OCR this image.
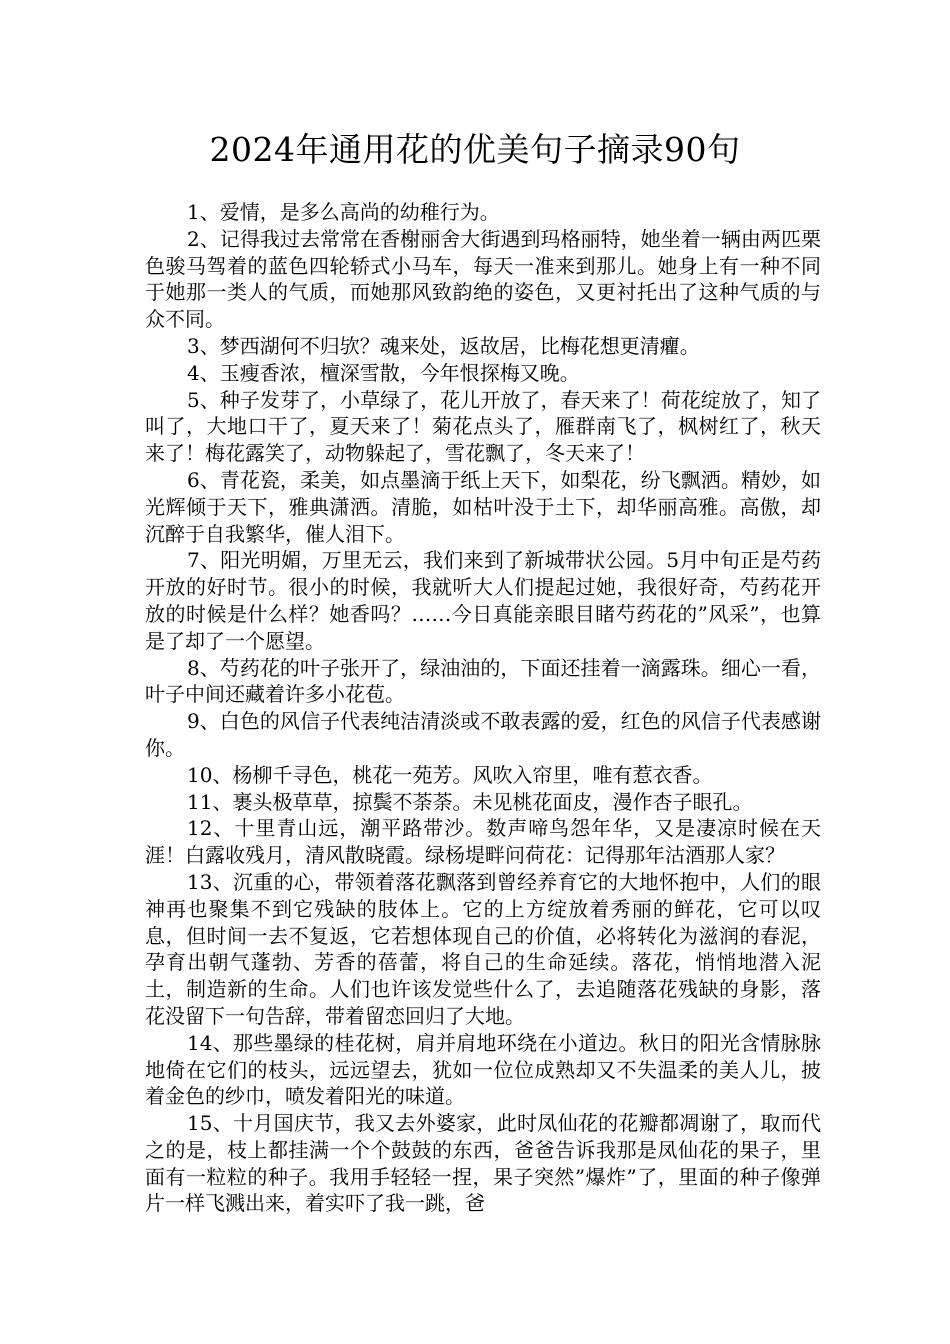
2024年通用花的优美句子摘录90句

1、爱情，是多么高尚的幼稚行为。

2、记得我过去常常在香榭丽舍大街遇到玛格丽特，她坐着一辆由两匹栗色骏马驾着的蓝色四轮轿式小马车，每天一准来到那儿。她身上有一种不同于她那一类人的气质，而她那风致韵绝的姿色，又更衬托出了这种气质的与众不同。

3、梦西湖何不归欤？魂来处，返故居，比梅花想更清癯。

4、玉瘦香浓，檀深雪散，今年恨探梅又晚。

5、种子发芽了，小草绿了，花儿开放了，春天来了！荷花绽放了，知了叫了，大地口干了，夏天来了！菊花点头了，雁群南飞了，枫树红了，秋天来了！梅花露笑了，动物躲起了，雪花飘了，冬天来了！

6、青花瓷，柔美，如点墨滴于纸上天下，如梨花，纷飞飘洒。精妙，如光辉倾于天下，雅典潇洒。清脆，如枯叶没于土下，却华丽高雅。高傲，却沉醉于自我繁华，催人泪下。

7、阳光明媚，万里无云，我们来到了新城带状公园。5月中旬正是芍药开放的好时节。很小的时候，我就听大人们提起过她，我很好奇，芍药花开放的时候是什么样？她香吗？……今日真能亲眼目睹芍药花的”风采”，也算是了却了一个愿望。

8、芍药花的叶子张开了，绿油油的，下面还挂着一滴露珠。细心一看，叶子中间还藏着许多小花苞。

9、白色的风信子代表纯洁清淡或不敢表露的爱，红色的风信子代表感谢你。

10、杨柳千寻色，桃花一苑芳。风吹入帘里，唯有惹衣香。

11、裹头极草草，掠鬓不荼荼。未见桃花面皮，漫作杏子眼孔。

12、十里青山远，潮平路带沙。数声啼鸟怨年华，又是凄凉时候在天涯！白露收残月，清风散晓霞。绿杨堤畔问荷花：记得那年沽酒那人家？

13、沉重的心，带领着落花飘落到曾经养育它的大地怀抱中，人们的眼神再也聚集不到它残缺的肢体上。它的上方绽放着秀丽的鲜花，它可以叹息，但时间一去不复返，它若想体现自己的价值，必将转化为滋润的春泥，孕育出朝气蓬勃、芳香的蓓蕾，将自己的生命延续。落花，悄悄地潜入泥土，制造新的生命。人们也许该发觉些什么了，去追随落花残缺的身影，落花没留下一句告辞，带着留恋回归了大地。

14、那些墨绿的桂花树，肩并肩地环绕在小道边。秋日的阳光含情脉脉地倚在它们的枝头，远远望去，犹如一位位成熟却又不失温柔的美人儿，披着金色的纱巾，喷发着阳光的味道。

15、十月国庆节，我又去外婆家，此时凤仙花的花瓣都凋谢了，取而代之的是，枝上都挂满一个个鼓鼓的东西，爸爸告诉我那是凤仙花的果子，里面有一粒粒的种子。我用手轻轻一捏，果子突然”爆炸”了，里面的种子像弹片一样飞溅出来，着实吓了我一跳，爸
